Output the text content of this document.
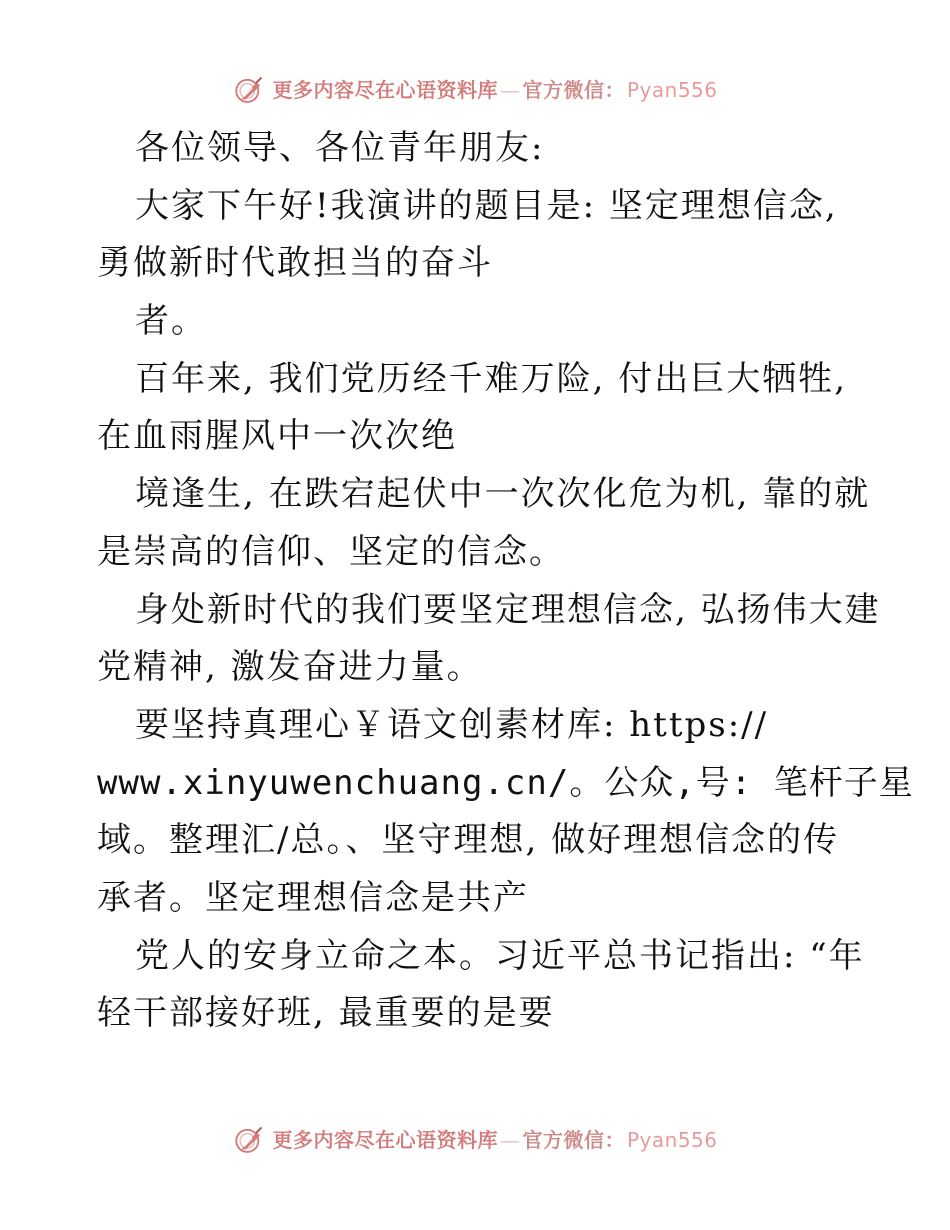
更多内容尽在心语资料库 — 官方微信： Pyan556
各位领导、各位青年朋友:
大家下午好!我演讲的题目是: 坚定理想信念,
勇做新时代敢担当的奋斗
者。
百年来, 我们党历经千难万险, 付出巨大牺牲,
在血雨腥风中一次次绝
境逢生, 在跌宕起伏中一次次化危为机, 靠的就
是崇高的信仰、坚定的信念。
身处新时代的我们要坚定理想信念, 弘扬伟大建
党精神, 激发奋进力量。
要坚持真理心￥语文创素材库: https://
www.xinyuwenchuang.cn/。公众,号: 笔杆子星
域。整理汇/总。、坚守理想, 做好理想信念的传
承者。坚定理想信念是共产
党人的安身立命之本。习近平总书记指出: “年
轻干部接好班, 最重要的是要
更多内容尽在心语资料库 — 官方微信： Pyan556
